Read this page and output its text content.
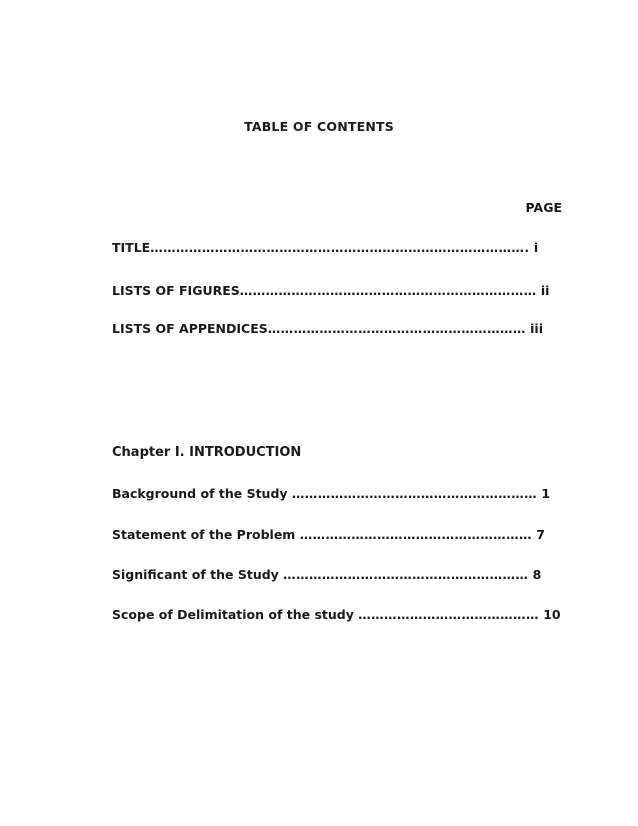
TABLE OF CONTENTS
PAGE
TITLE……………………………………………………………………………. i
LISTS OF FIGURES…………………………………………………………… ii
LISTS OF APPENDICES…………………………………………………… iii
Chapter I. INTRODUCTION
Background of the Study ………………………………………………… 1
Statement of the Problem ……………………………………………… 7
Significant of the Study ………………………………………………… 8
Scope of Delimitation of the study …………………………………… 10
